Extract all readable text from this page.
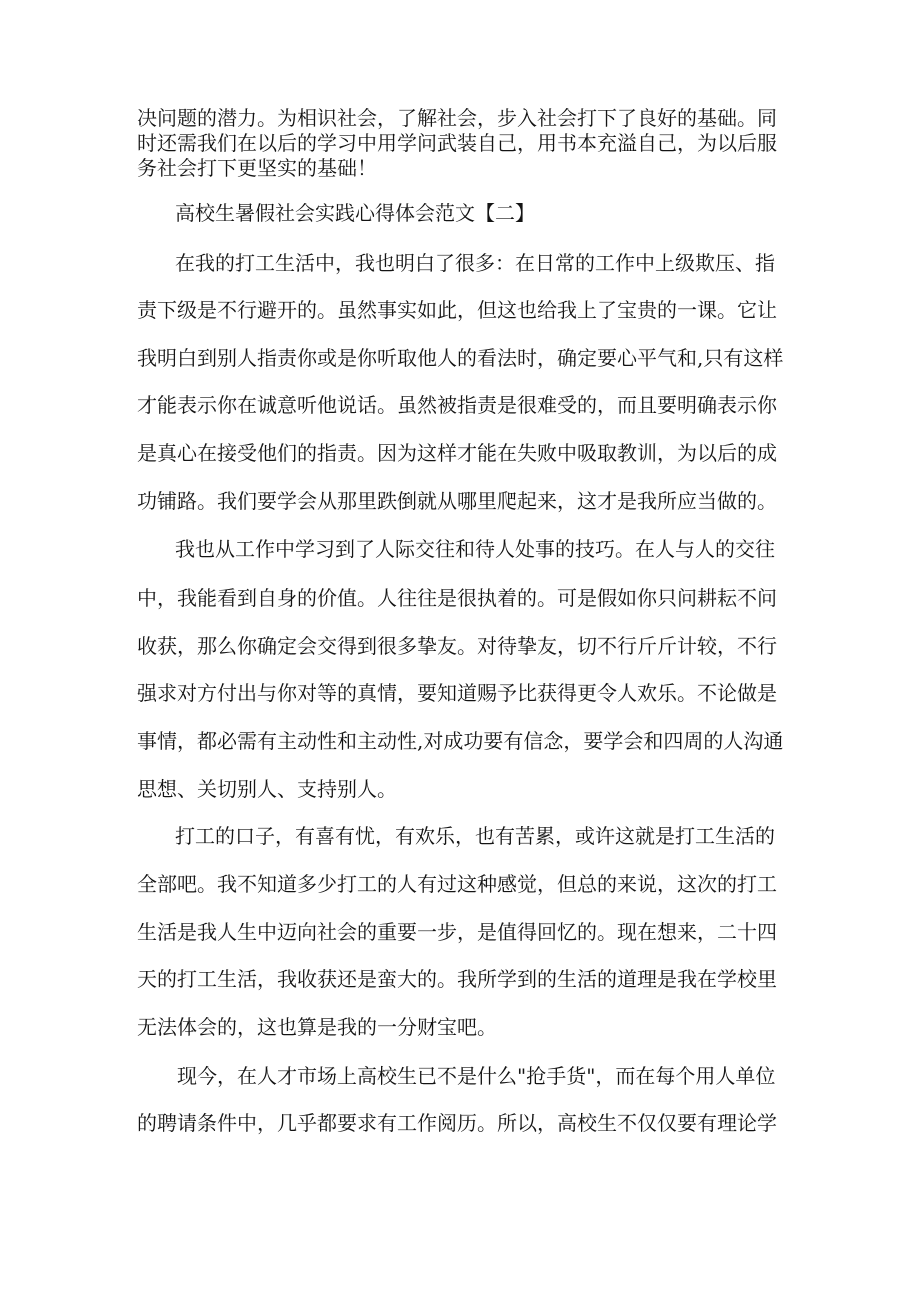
决问题的潜力。为相识社会，了解社会，步入社会打下了良好的基础。同
时还需我们在以后的学习中用学问武装自己，用书本充溢自己，为以后服
务社会打下更坚实的基础！
高校生暑假社会实践心得体会范文【二】
在我的打工生活中，我也明白了很多：在日常的工作中上级欺压、指
责下级是不行避开的。虽然事实如此，但这也给我上了宝贵的一课。它让
我明白到别人指责你或是你听取他人的看法时，确定要心平气和,只有这样
才能表示你在诚意听他说话。虽然被指责是很难受的，而且要明确表示你
是真心在接受他们的指责。因为这样才能在失败中吸取教训，为以后的成
功铺路。我们要学会从那里跌倒就从哪里爬起来，这才是我所应当做的。
我也从工作中学习到了人际交往和待人处事的技巧。在人与人的交往
中，我能看到自身的价值。人往往是很执着的。可是假如你只问耕耘不问
收获，那么你确定会交得到很多挚友。对待挚友，切不行斤斤计较，不行
强求对方付出与你对等的真情，要知道赐予比获得更令人欢乐。不论做是
事情，都必需有主动性和主动性,对成功要有信念，要学会和四周的人沟通
思想、关切别人、支持别人。
打工的口子，有喜有忧，有欢乐，也有苦累，或许这就是打工生活的
全部吧。我不知道多少打工的人有过这种感觉，但总的来说，这次的打工
生活是我人生中迈向社会的重要一步，是值得回忆的。现在想来，二十四
天的打工生活，我收获还是蛮大的。我所学到的生活的道理是我在学校里
无法体会的，这也算是我的一分财宝吧。
现今，在人才市场上高校生已不是什么"抢手货"，而在每个用人单位
的聘请条件中，几乎都要求有工作阅历。所以，高校生不仅仅要有理论学
